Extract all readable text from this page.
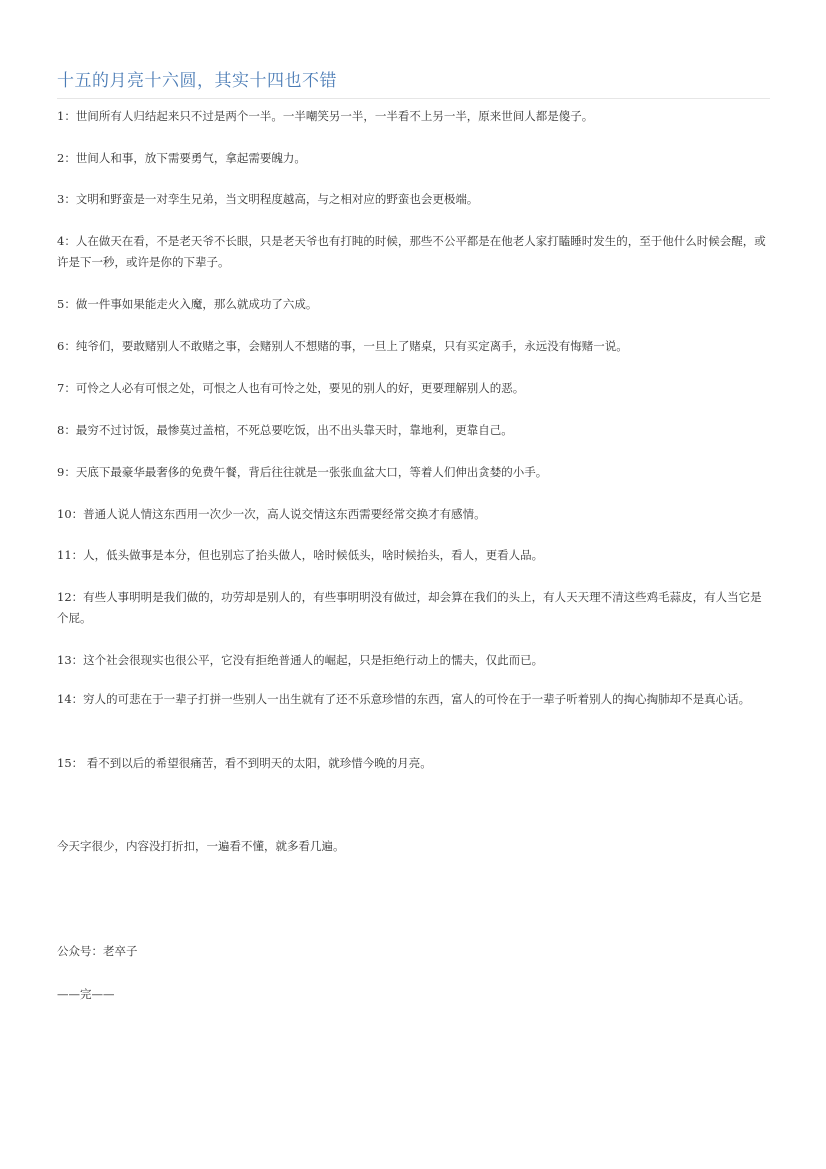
十五的月亮十六圆，其实十四也不错

1：世间所有人归结起来只不过是两个一半。一半嘲笑另一半，一半看不上另一半，原来世间人都是傻子。

2：世间人和事，放下需要勇气，拿起需要魄力。

3：文明和野蛮是一对孪生兄弟，当文明程度越高，与之相对应的野蛮也会更极端。

4：人在做天在看，不是老天爷不长眼，只是老天爷也有打盹的时候，那些不公平都是在他老人家打瞌睡时发生的，至于他什么时候会醒，或许是下一秒，或许是你的下辈子。

5：做一件事如果能走火入魔，那么就成功了六成。

6：纯爷们，要敢赌别人不敢赌之事，会赌别人不想赌的事，一旦上了赌桌，只有买定离手，永远没有悔赌一说。

7：可怜之人必有可恨之处，可恨之人也有可怜之处，要见的别人的好，更要理解别人的恶。

8：最穷不过讨饭，最惨莫过盖棺，不死总要吃饭，出不出头靠天时，靠地利，更靠自己。

9：天底下最豪华最奢侈的免费午餐，背后往往就是一张张血盆大口，等着人们伸出贪婪的小手。

10：普通人说人情这东西用一次少一次，高人说交情这东西需要经常交换才有感情。

11：人，低头做事是本分，但也别忘了抬头做人，啥时候低头，啥时候抬头，看人，更看人品。

12：有些人事明明是我们做的，功劳却是别人的，有些事明明没有做过，却会算在我们的头上，有人天天理不清这些鸡毛蒜皮，有人当它是个屁。

13：这个社会很现实也很公平，它没有拒绝普通人的崛起，只是拒绝行动上的懦夫，仅此而已。

14：穷人的可悲在于一辈子打拼一些别人一出生就有了还不乐意珍惜的东西，富人的可怜在于一辈子听着别人的掏心掏肺却不是真心话。

15： 看不到以后的希望很痛苦，看不到明天的太阳，就珍惜今晚的月亮。

今天字很少，内容没打折扣，一遍看不懂，就多看几遍。

公众号：老卒子

——完——
